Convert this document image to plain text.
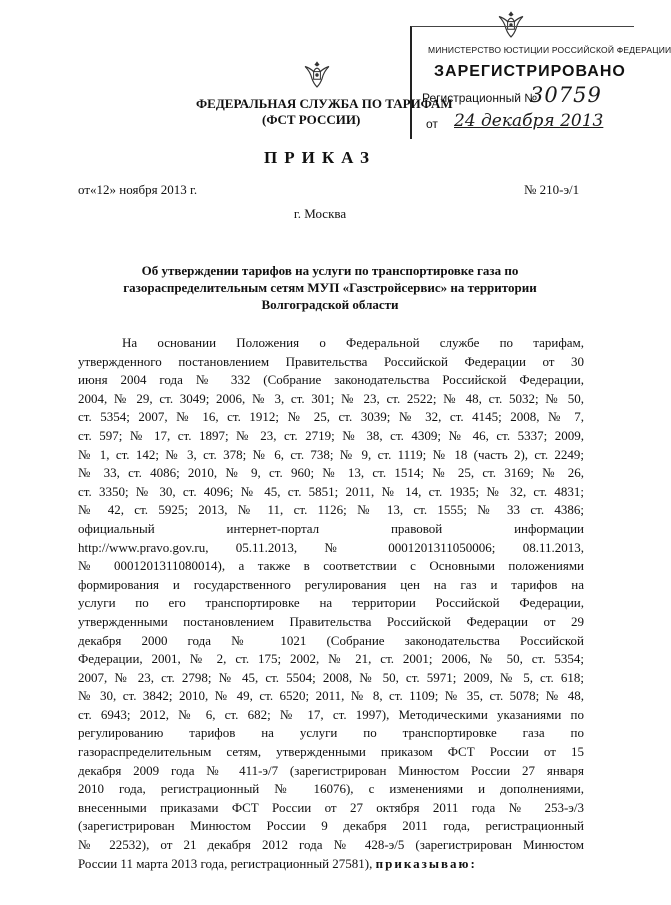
МИНИСТЕРСТВО ЮСТИЦИИ РОССИЙСКОЙ ФЕДЕРАЦИИ
ЗАРЕГИСТРИРОВАНО
Регистрационный №
30759
от 24 декабря 2013
ФЕДЕРАЛЬНАЯ СЛУЖБА ПО ТАРИФАМ
(ФСТ РОССИИ)
ПРИКАЗ
от«12» ноября 2013 г.	№ 210-э/1
г. Москва
Об утверждении тарифов на услуги по транспортировке газа по
газораспределительным сетям МУП «Газстройсервис» на территории
Волгоградской области
На основании Положения о Федеральной службе по тарифам,
утвержденного постановлением Правительства Российской Федерации от 30
июня 2004 года № 332 (Собрание законодательства Российской Федерации,
2004, № 29, ст. 3049; 2006, № 3, ст. 301; № 23, ст. 2522; № 48, ст. 5032; № 50,
ст. 5354; 2007, № 16, ст. 1912; № 25, ст. 3039; № 32, ст. 4145; 2008, № 7,
ст. 597; № 17, ст. 1897; № 23, ст. 2719; № 38, ст. 4309; № 46, ст. 5337; 2009,
№ 1, ст. 142; № 3, ст. 378; № 6, ст. 738; № 9, ст. 1119; № 18 (часть 2), ст. 2249;
№ 33, ст. 4086; 2010, № 9, ст. 960; № 13, ст. 1514; № 25, ст. 3169; № 26,
ст. 3350; № 30, ст. 4096; № 45, ст. 5851; 2011, № 14, ст. 1935; № 32, ст. 4831;
№ 42, ст. 5925; 2013, № 11, ст. 1126; № 13, ст. 1555; № 33 ст. 4386;
официальный интернет-портал правовой информации
http://www.pravo.gov.ru, 05.11.2013, № 0001201311050006; 08.11.2013,
№ 0001201311080014), а также в соответствии с Основными положениями
формирования и государственного регулирования цен на газ и тарифов на
услуги по его транспортировке на территории Российской Федерации,
утвержденными постановлением Правительства Российской Федерации от 29
декабря 2000 года № 1021 (Собрание законодательства Российской
Федерации, 2001, № 2, ст. 175; 2002, № 21, ст. 2001; 2006, № 50, ст. 5354;
2007, № 23, ст. 2798; № 45, ст. 5504; 2008, № 50, ст. 5971; 2009, № 5, ст. 618;
№ 30, ст. 3842; 2010, № 49, ст. 6520; 2011, № 8, ст. 1109; № 35, ст. 5078; № 48,
ст. 6943; 2012, № 6, ст. 682; № 17, ст. 1997), Методическими указаниями по
регулированию тарифов на услуги по транспортировке газа по
газораспределительным сетям, утвержденными приказом ФСТ России от 15
декабря 2009 года № 411-э/7 (зарегистрирован Минюстом России 27 января
2010 года, регистрационный № 16076), с изменениями и дополнениями,
внесенными приказами ФСТ России от 27 октября 2011 года № 253-э/3
(зарегистрирован Минюстом России 9 декабря 2011 года, регистрационный
№ 22532), от 21 декабря 2012 года № 428-э/5 (зарегистрирован Минюстом
России 11 марта 2013 года, регистрационный 27581), приказываю:
